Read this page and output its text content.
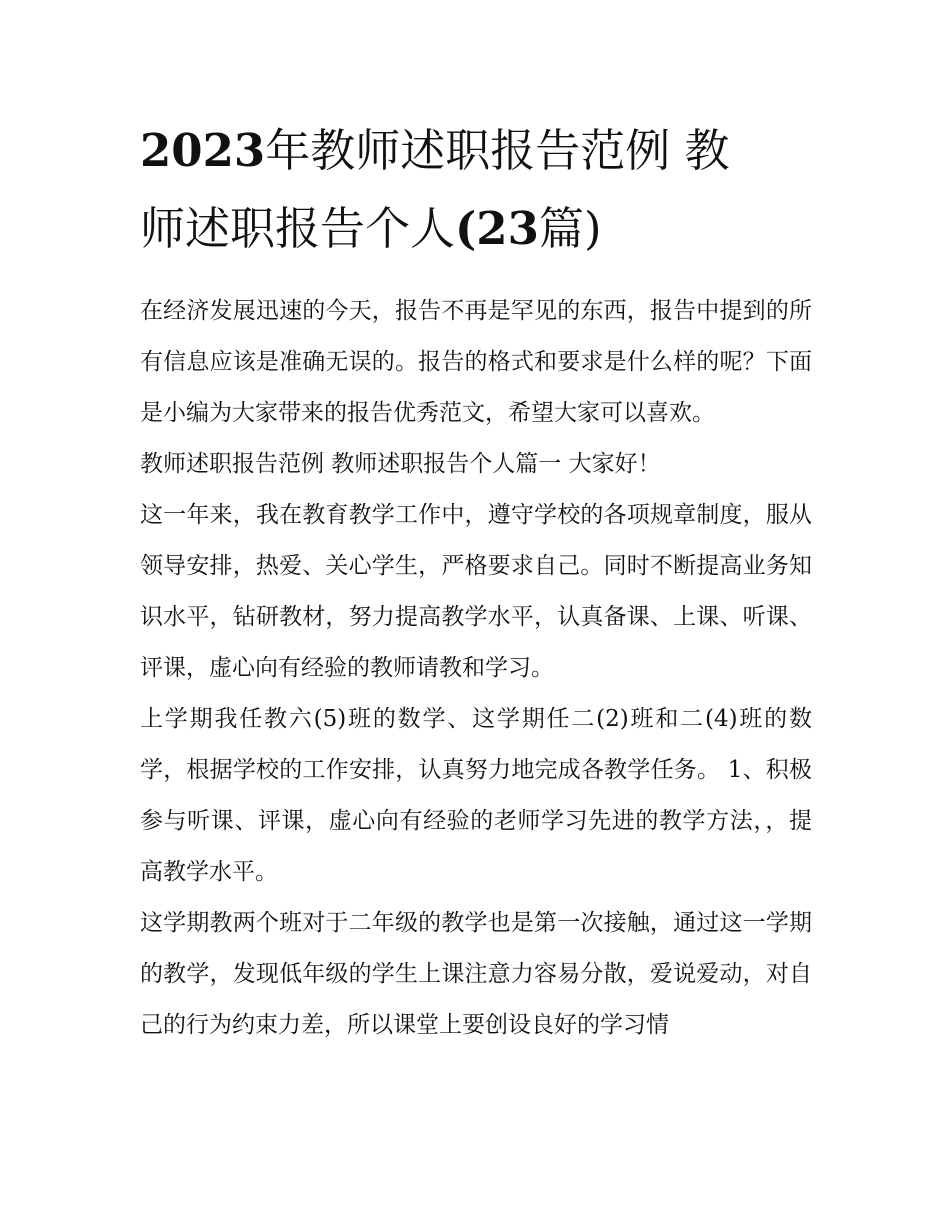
2023年教师述职报告范例 教
师述职报告个人(23篇)

在经济发展迅速的今天，报告不再是罕见的东西，报告中提到的所有信息应该是准确无误的。报告的格式和要求是什么样的呢？下面是小编为大家带来的报告优秀范文，希望大家可以喜欢。

教师述职报告范例 教师述职报告个人篇一 大家好！

这一年来，我在教育教学工作中，遵守学校的各项规章制度，服从领导安排，热爱、关心学生，严格要求自己。同时不断提高业务知识水平，钻研教材，努力提高教学水平，认真备课、上课、听课、评课，虚心向有经验的教师请教和学习。

上学期我任教六(5)班的数学、这学期任二(2)班和二(4)班的数学，根据学校的工作安排，认真努力地完成各教学任务。 1、积极参与听课、评课，虚心向有经验的老师学习先进的教学方法，，提高教学水平。

这学期教两个班对于二年级的教学也是第一次接触，通过这一学期的教学，发现低年级的学生上课注意力容易分散，爱说爱动，对自己的行为约束力差，所以课堂上要创设良好的学习情
